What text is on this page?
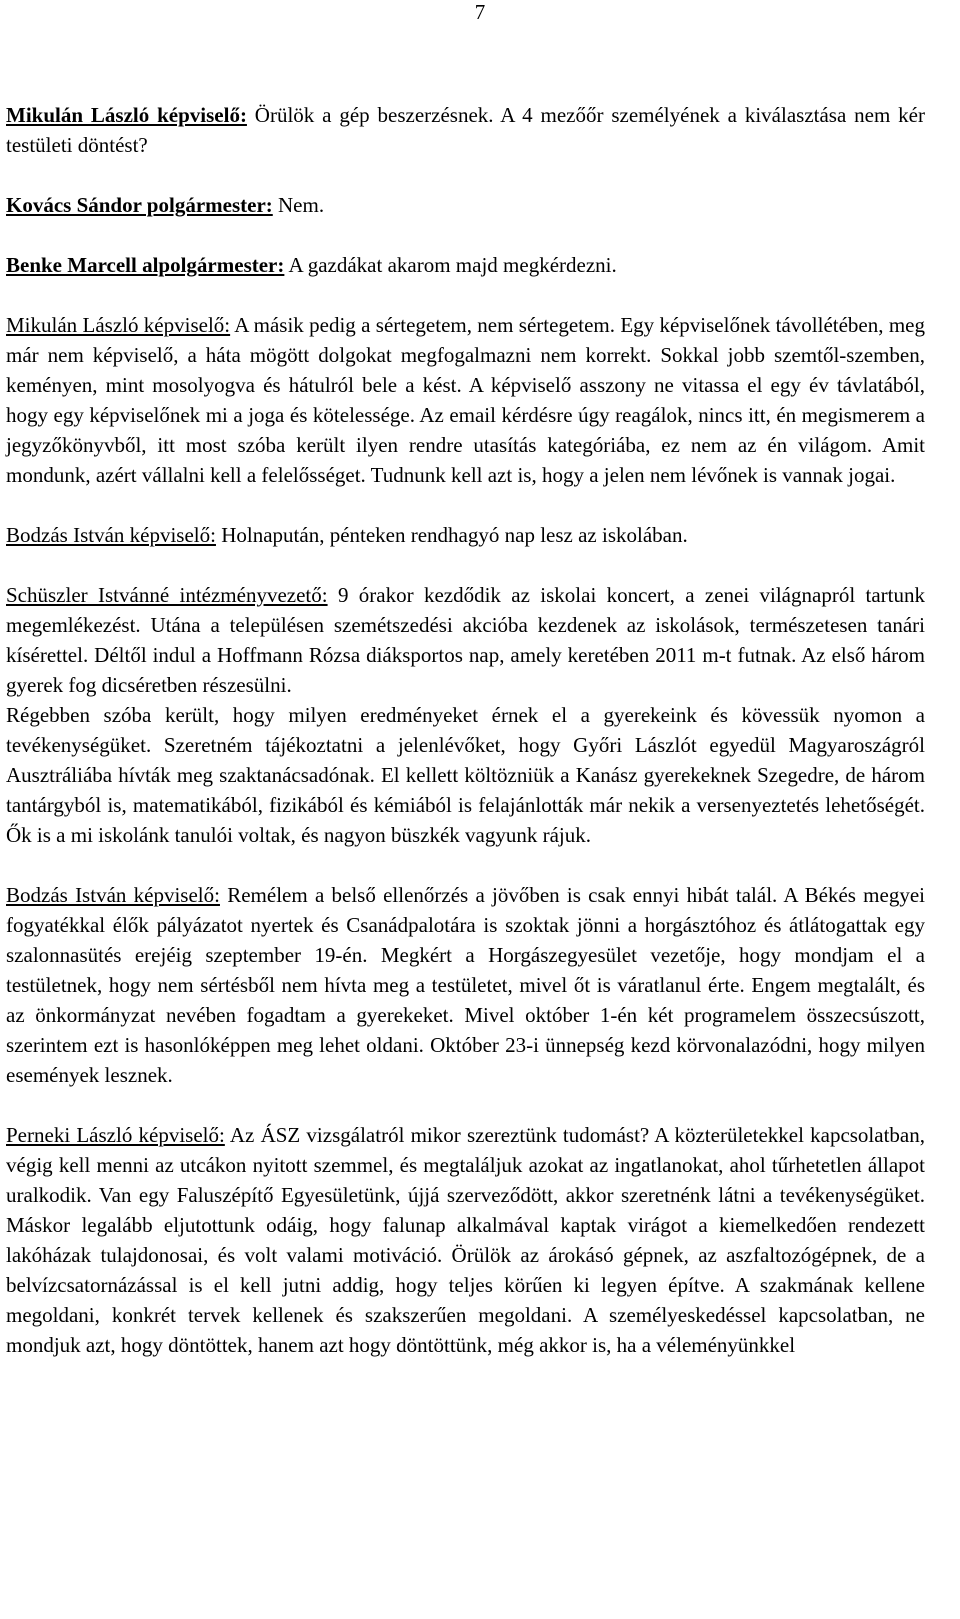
7

Mikulán László képviselő: Örülök a gép beszerzésnek. A 4 mezőőr személyének a kiválasztása nem kér testületi döntést?

Kovács Sándor polgármester: Nem.

Benke Marcell alpolgármester: A gazdákat akarom majd megkérdezni.

Mikulán László képviselő: A másik pedig a sértegetem, nem sértegetem. Egy képviselőnek távollétében, meg már nem képviselő, a háta mögött dolgokat megfogalmazni nem korrekt. Sokkal jobb szemtől-szemben, keményen, mint mosolyogva és hátulról bele a kést. A képviselő asszony ne vitassa el egy év távlatából, hogy egy képviselőnek mi a joga és kötelessége. Az email kérdésre úgy reagálok, nincs itt, én megismerem a jegyzőkönyvből, itt most szóba került ilyen rendre utasítás kategóriába, ez nem az én világom. Amit mondunk, azért vállalni kell a felelősséget. Tudnunk kell azt is, hogy a jelen nem lévőnek is vannak jogai.

Bodzás István képviselő: Holnapután, pénteken rendhagyó nap lesz az iskolában.

Schüszler Istvánné intézményvezető: 9 órakor kezdődik az iskolai koncert, a zenei világnapról tartunk megemlékezést. Utána a településen szemétszedési akcióba kezdenek az iskolások, természetesen tanári kísérettel. Déltől indul a Hoffmann Rózsa diáksportos nap, amely keretében 2011 m-t futnak. Az első három gyerek fog dicséretben részesülni.

Régebben szóba került, hogy milyen eredményeket érnek el a gyerekeink és kövessük nyomon a tevékenységüket. Szeretném tájékoztatni a jelenlévőket, hogy Győri Lászlót egyedül Magyaroszágról Ausztráliába hívták meg szaktanácsadónak. El kellett költözniük a Kanász gyerekeknek Szegedre, de három tantárgyból is, matematikából, fizikából és kémiából is felajánlották már nekik a versenyeztetés lehetőségét. Ők is a mi iskolánk tanulói voltak, és nagyon büszkék vagyunk rájuk.

Bodzás István képviselő: Remélem a belső ellenőrzés a jövőben is csak ennyi hibát talál. A Békés megyei fogyatékkal élők pályázatot nyertek és Csanádpalotára is szoktak jönni a horgásztóhoz és átlátogattak egy szalonnasütés erejéig szeptember 19-én. Megkért a Horgászegyesület vezetője, hogy mondjam el a testületnek, hogy nem sértésből nem hívta meg a testületet, mivel őt is váratlanul érte. Engem megtalált, és az önkormányzat nevében fogadtam a gyerekeket. Mivel október 1-én két programelem összecsúszott, szerintem ezt is hasonlóképpen meg lehet oldani. Október 23-i ünnepség kezd körvonalazódni, hogy milyen események lesznek.

Perneki László képviselő: Az ÁSZ vizsgálatról mikor szereztünk tudomást? A közterületekkel kapcsolatban, végig kell menni az utcákon nyitott szemmel, és megtaláljuk azokat az ingatlanokat, ahol tűrhetetlen állapot uralkodik. Van egy Faluszépítő Egyesületünk, újjá szerveződött, akkor szeretnénk látni a tevékenységüket. Máskor legalább eljutottunk odáig, hogy falunap alkalmával kaptak virágot a kiemelkedően rendezett lakóházak tulajdonosai, és volt valami motiváció. Örülök az árokásó gépnek, az aszfaltozógépnek, de a belvízcsatornázással is el kell jutni addig, hogy teljes körűen ki legyen építve. A szakmának kellene megoldani, konkrét tervek kellenek és szakszerűen megoldani. A személyeskedéssel kapcsolatban, ne mondjuk azt, hogy döntöttek, hanem azt hogy döntöttünk, még akkor is, ha a véleményünkkel
